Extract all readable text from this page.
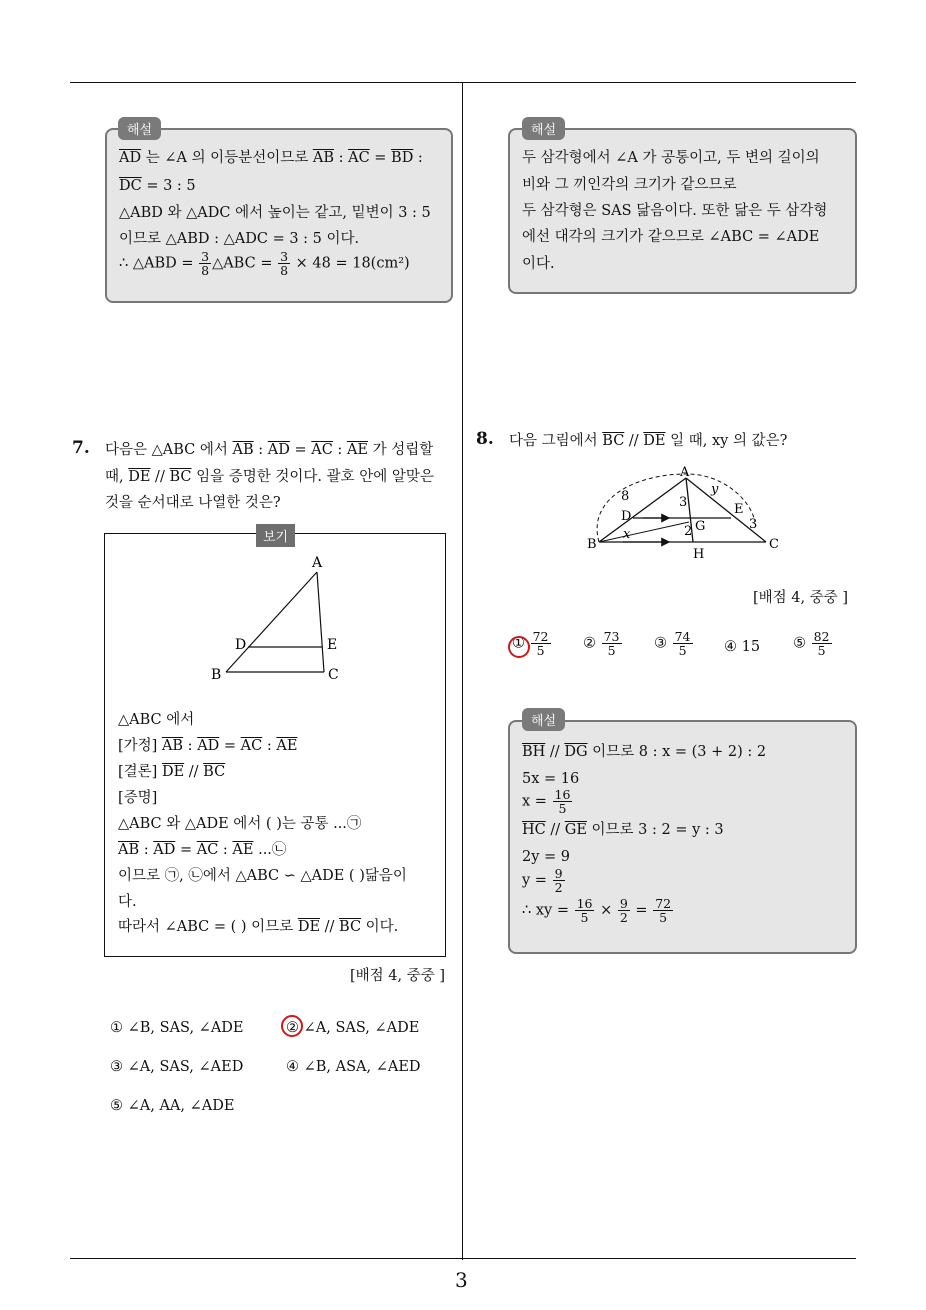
3
$\overline{AD}$ 는 ∠A 의 이등분선이므로 $\overline{AB}$ : $\overline{AC} = \overline{BD}$ :
$\overline{DC} = 3$ : 5
△ABD 와 △ADC 에서 높이는 같고, 밑변이 3 : 5
이므로 △ABD : △ADC = 3 : 5 이다.
∴ △ABD = $\frac{3}{8}$ △ABC = $\frac{3}{8} \times 48 = 18(cm^2)$
해설
두 삼각형에서 ∠A 가 공통이고, 두 변의 길이의
비와 그 끼인각의 크기가 같으므로
두 삼각형은 SAS 닮음이다. 또한 닮은 두 삼각형
에선 대각의 크기가 같으므로 ∠ABC = ∠ADE
이다.
해설
7. 다음은 △ABC 에서 $\overline{AB}$ : $\overline{AD} = \overline{AC}$ : $\overline{AE}$ 가 성립할
때, $\overline{DE} // \overline{BC}$ 임을 증명한 것이다. 괄호 안에 알맞은
것을 순서대로 나열한 것은?
보기
A
D	E
B	C
△ABC 에서
[가정] $\overline{AB}$ : $\overline{AD} = \overline{AC}$ : $\overline{AE}$
[결론] $\overline{DE} // \overline{BC}$
[증명]
△ABC 와 △ADE 에서 ( )는 공통 ...㉠
$\overline{AB}$ : $\overline{AD} = \overline{AC}$ : $\overline{AE}$ ...㉡
이므로 ㉠, ㉡에서 △ABC ∽ △ADE ( )닮음이
다.
따라서 ∠ABC = ( ) 이므로 $\overline{DE} // \overline{BC}$ 이다.
[배점 4, 중중 ]
① ∠B, SAS, ∠ADE	② ∠A, SAS, ∠ADE
③ ∠A, SAS, ∠AED	④ ∠B, ASA, ∠AED
⑤ ∠A, AA, ∠ADE
8. 다음 그림에서 $\overline{BC} // \overline{DE}$ 일 때, xy 의 값은?
A
8	3
y
D	E
2 G	3
x
B	C
H
[배점 4, 중중 ]
① $\frac{72}{5}$ ② $\frac{73}{5}$ ③ $\frac{74}{5}$ ④ 15 ⑤ $\frac{82}{5}$
$\overline{BH} // \overline{DG}$ 이므로 8 : x = (3 + 2) : 2
5x = 16
$x = \frac{16}{5}$
$\overline{HC} // \overline{GE}$ 이므로 3 : 2 = y : 3
2y = 9
$y = \frac{9}{2}$
∴ xy = $\frac{16}{5} \times \frac{9}{2} = \frac{72}{5}$
해설
